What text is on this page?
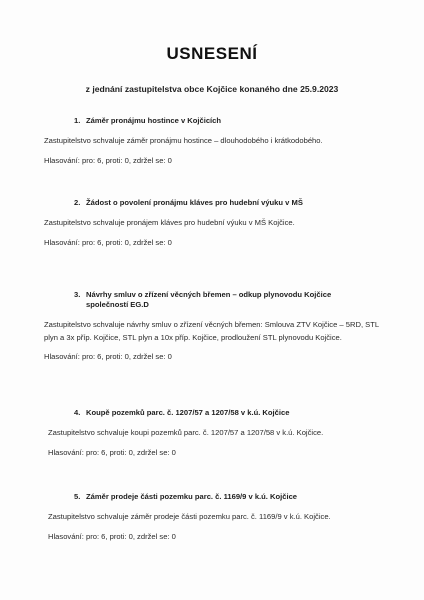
USNESENÍ
z jednání zastupitelstva obce Kojčice konaného dne 25.9.2023
1. Záměr pronájmu hostince v Kojčicích
Zastupitelstvo schvaluje záměr pronájmu hostince – dlouhodobého i krátkodobého.
Hlasování: pro: 6, proti: 0, zdržel se: 0
2. Žádost o povolení pronájmu kláves pro hudební výuku v MŠ
Zastupitelstvo schvaluje pronájem kláves pro hudební výuku v MŠ Kojčice.
Hlasování: pro: 6, proti: 0, zdržel se: 0
3. Návrhy smluv o zřízení věcných břemen – odkup plynovodu Kojčice společností EG.D
Zastupitelstvo schvaluje návrhy smluv o zřízení věcných břemen: Smlouva ZTV Kojčice – 5RD, STL plyn a 3x příp. Kojčice, STL plyn a 10x příp. Kojčice, prodloužení STL plynovodu Kojčice.
Hlasování: pro: 6, proti: 0, zdržel se: 0
4. Koupě pozemků parc. č. 1207/57 a 1207/58 v k.ú. Kojčice
Zastupitelstvo schvaluje koupi pozemků parc. č. 1207/57 a 1207/58 v k.ú. Kojčice.
Hlasování: pro: 6, proti: 0, zdržel se: 0
5. Záměr prodeje části pozemku parc. č. 1169/9 v k.ú. Kojčice
Zastupitelstvo schvaluje záměr prodeje části pozemku parc. č. 1169/9 v k.ú. Kojčice.
Hlasování: pro: 6, proti: 0, zdržel se: 0
